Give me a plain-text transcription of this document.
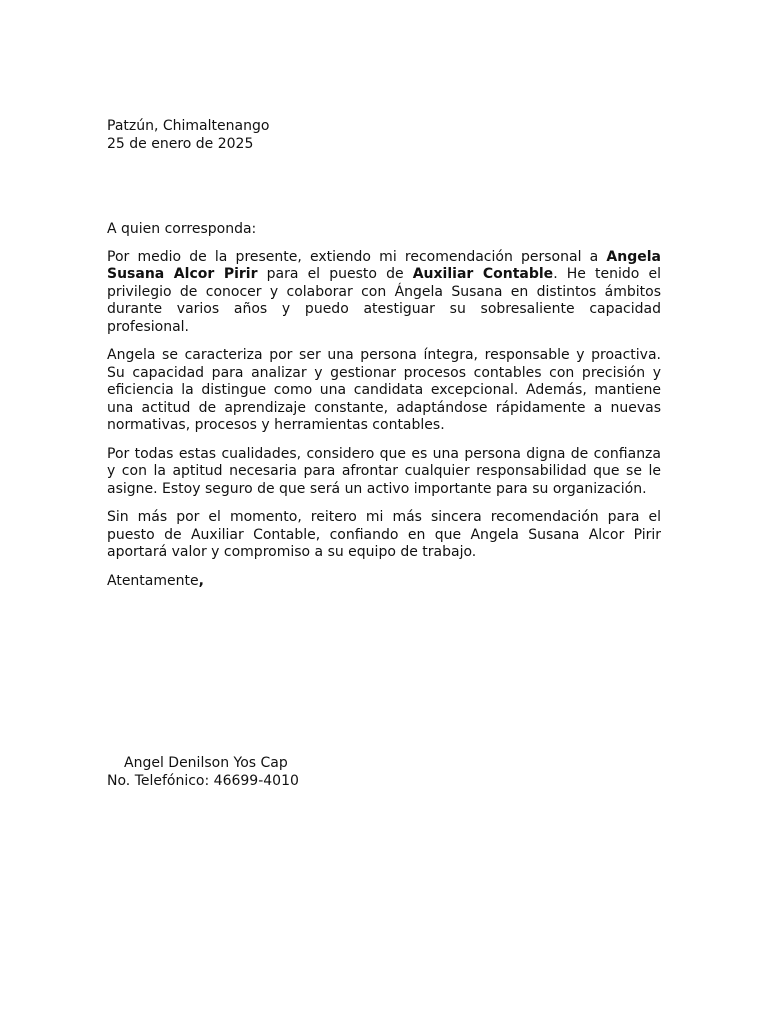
Patzún, Chimaltenango
25 de enero de 2025

A quien corresponda:

Por medio de la presente, extiendo mi recomendación personal a Angela Susana Alcor Pirir para el puesto de Auxiliar Contable. He tenido el privilegio de conocer y colaborar con Ángela Susana en distintos ámbitos durante varios años y puedo atestiguar su sobresaliente capacidad profesional.

Angela se caracteriza por ser una persona íntegra, responsable y proactiva. Su capacidad para analizar y gestionar procesos contables con precisión y eficiencia la distingue como una candidata excepcional. Además, mantiene una actitud de aprendizaje constante, adaptándose rápidamente a nuevas normativas, procesos y herramientas contables.

Por todas estas cualidades, considero que es una persona digna de confianza y con la aptitud necesaria para afrontar cualquier responsabilidad que se le asigne. Estoy seguro de que será un activo importante para su organización.

Sin más por el momento, reitero mi más sincera recomendación para el puesto de Auxiliar Contable, confiando en que Angela Susana Alcor Pirir aportará valor y compromiso a su equipo de trabajo.

Atentamente,

Angel Denilson Yos Cap
No. Telefónico: 46699-4010
